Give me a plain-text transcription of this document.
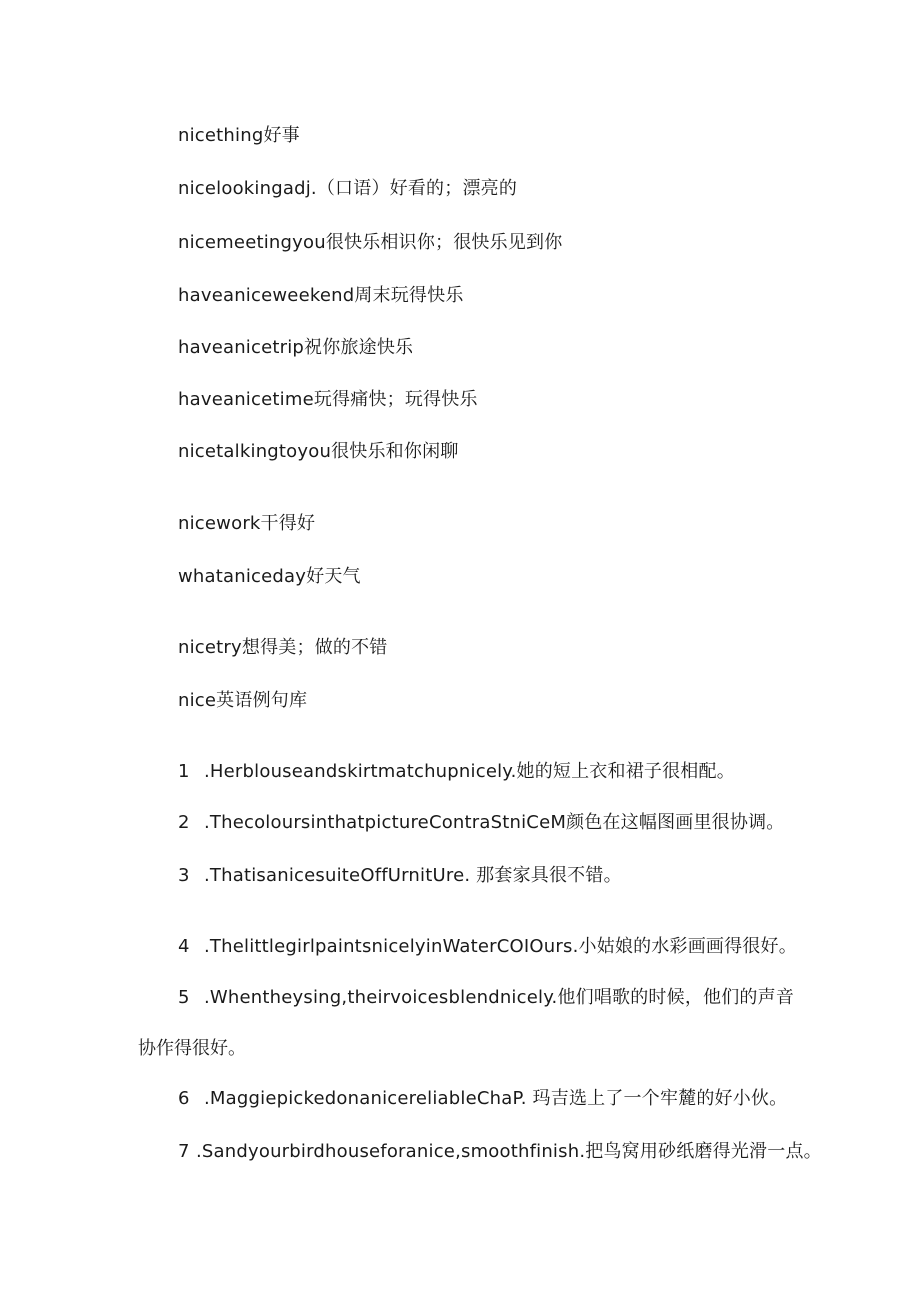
nicething好事
nicelookingadj.（口语）好看的；漂亮的
nicemeetingyou很快乐相识你；很快乐见到你
haveaniceweekend周末玩得快乐
haveanicetrip祝你旅途快乐
haveanicetime玩得痛快；玩得快乐
nicetalkingtoyou很快乐和你闲聊
nicework干得好
whataniceday好天气
nicetry想得美；做的不错
nice英语例句库
1 .Herblouseandskirtmatchupnicely.她的短上衣和裙子很相配。
2 .ThecoloursinthatpictureContraStniCeM颜色在这幅图画里很协调。
3 .ThatisanicesuiteOffUrnitUre. 那套家具很不错。
4 .ThelittlegirlpaintsnicelyinWaterCOIOurs.小姑娘的水彩画画得很好。
5 .Whentheysing,theirvoicesblendnicely.他们唱歌的时候，他们的声音
协作得很好。
6 .MaggiepickedonanicereliableChaP. 玛吉选上了一个牢麓的好小伙。
7 .Sandyourbirdhouseforanice,smoothfinish.把鸟窝用砂纸磨得光滑一点。
